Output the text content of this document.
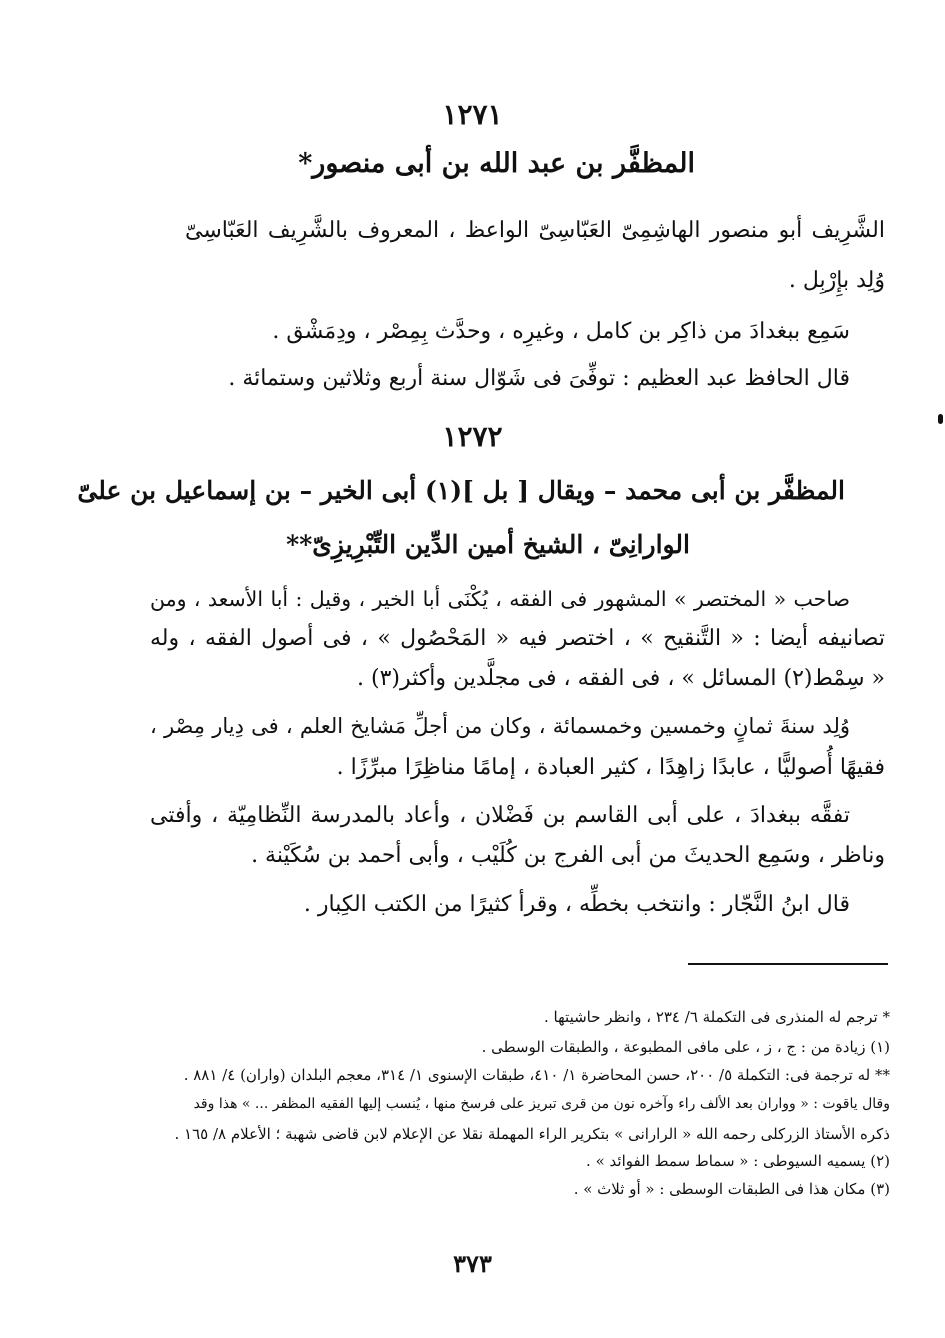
١٢٧١
المظفَّر بن عبد الله بن أبى منصور*
الشَّرِيف أبو منصور الهاشِمِىّ العَبّاسِىّ الواعظ ، المعروف بالشَّرِيف العَبّاسِىّ
وُلِد بإِرْبِل .
سَمِع ببغدادَ من ذاكِر بن كامل ، وغيرِه ، وحدَّث بِمِصْر ، ودِمَشْق .
قال الحافظ عبد العظيم : توفِّىَ فى شَوّال سنة أربع وثلاثين وستمائة .
١٢٧٢
المظفَّر بن أبى محمد – ويقال [ بل ](١) أبى الخير – بن إسماعيل بن علىّ
الوارانِىّ ، الشيخ أمين الدِّين التِّبْرِيزِىّ**
صاحب « المختصر » المشهور فى الفقه ، يُكْنَى أبا الخير ، وقيل : أبا الأسعد ، ومن
تصانيفه أيضا : « التَّنقيح » ، اختصر فيه « المَحْصُول » ، فى أصول الفقه ، وله
« سِمْط(٢) المسائل » ، فى الفقه ، فى مجلَّدين وأكثر(٣) .
وُلِد سنةَ ثمانٍ وخمسين وخمسمائة ، وكان من أجلِّ مَشايخ العلم ، فى دِيار مِصْر ،
فقيهًا أُصوليًّا ، عابدًا زاهِدًا ، كثير العبادة ، إمامًا مناظِرًا مبرِّزًا .
تفقَّه ببغدادَ ، على أبى القاسم بن فَضْلان ، وأعاد بالمدرسة النِّظامِيّة ، وأفتى
وناظر ، وسَمِع الحديثَ من أبى الفرج بن كُلَيْب ، وأبى أحمد بن سُكَيْنة .
قال ابنُ النَّجّار : وانتخب بخطِّه ، وقرأ كثيرًا من الكتب الكِبار .
* ترجم له المنذرى فى التكملة ٦/ ٢٣٤ ، وانظر حاشيتها .
(١) زيادة من : ج ، ز ، على مافى المطبوعة ، والطبقات الوسطى .
** له ترجمة فى: التكملة ٥/ ٢٠٠، حسن المحاضرة ١/ ٤١٠، طبقات الإسنوى ١/ ٣١٤، معجم البلدان (واران) ٤/ ٨٨١ .
وقال ياقوت : « وواران بعد الألف راء وآخره نون من قرى تبريز على فرسخ منها ، يُنسب إليها الفقيه المظفر ... » هذا وقد
ذكره الأستاذ الزركلى رحمه الله « الرارانى » بتكرير الراء المهملة نقلا عن الإعلام لابن قاضى شهبة ؛ الأعلام ٨/ ١٦٥ .
(٢) يسميه السيوطى : « سماط سمط الفوائد » .
(٣) مكان هذا فى الطبقات الوسطى : « أو ثلاث » .
٣٧٣
